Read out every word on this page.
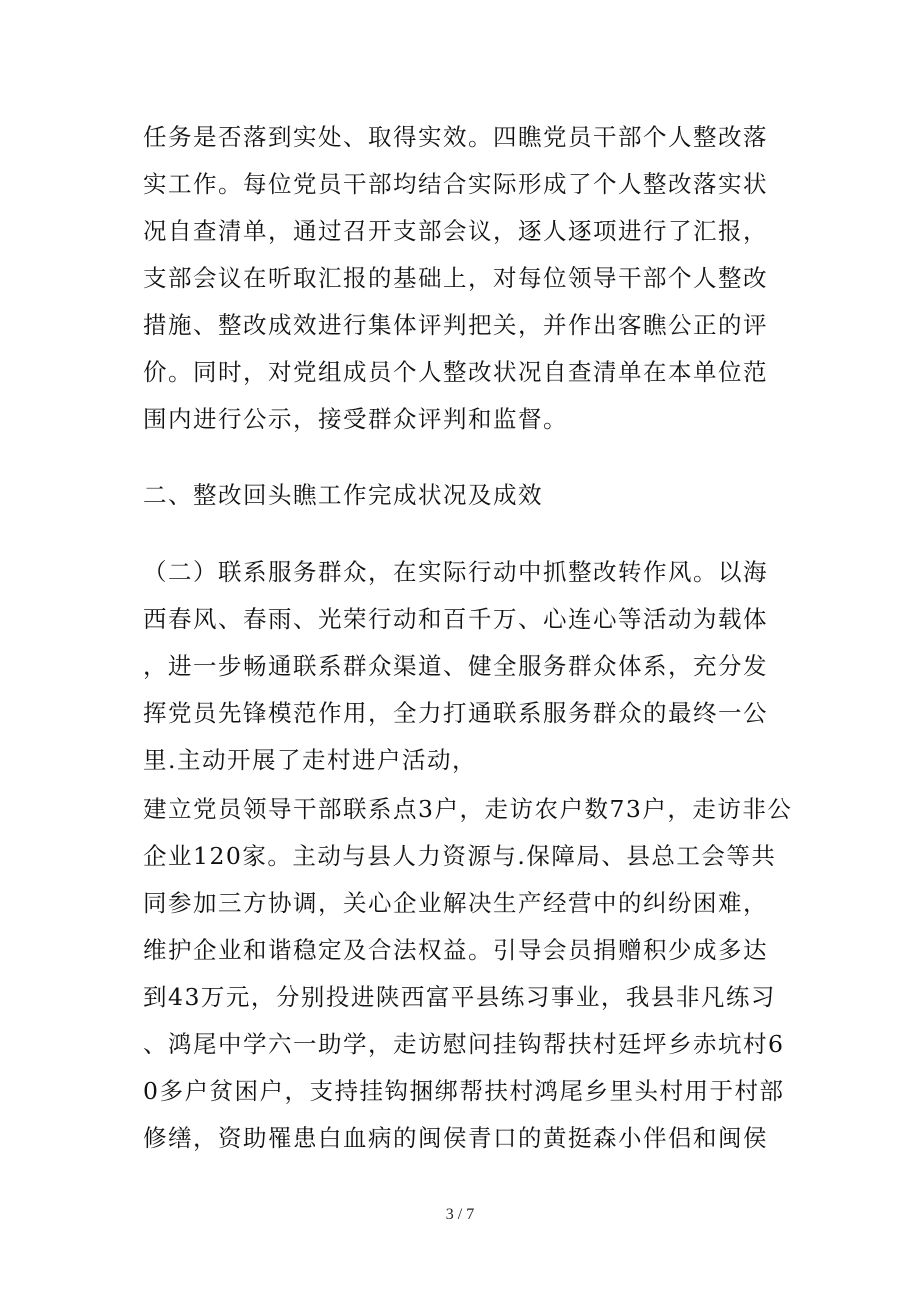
任务是否落到实处、取得实效。四瞧党员干部个人整改落
实工作。每位党员干部均结合实际形成了个人整改落实状
况自查清单，通过召开支部会议，逐人逐项进行了汇报，
支部会议在听取汇报的基础上，对每位领导干部个人整改
措施、整改成效进行集体评判把关，并作出客瞧公正的评
价。同时，对党组成员个人整改状况自查清单在本单位范
围内进行公示，接受群众评判和监督。
二、整改回头瞧工作完成状况及成效
（二）联系服务群众，在实际行动中抓整改转作风。以海
西春风、春雨、光荣行动和百千万、心连心等活动为载体
，进一步畅通联系群众渠道、健全服务群众体系，充分发
挥党员先锋模范作用，全力打通联系服务群众的最终一公
里.主动开展了走村进户活动，
建立党员领导干部联系点3户，走访农户数73户，走访非公
企业120家。主动与县人力资源与.保障局、县总工会等共
同参加三方协调，关心企业解决生产经营中的纠纷困难，
维护企业和谐稳定及合法权益。引导会员捐赠积少成多达
到43万元，分别投进陕西富平县练习事业，我县非凡练习
、鸿尾中学六一助学，走访慰问挂钩帮扶村廷坪乡赤坑村6
0多户贫困户，支持挂钩捆绑帮扶村鸿尾乡里头村用于村部
修缮，资助罹患白血病的闽侯青口的黄挺森小伴侣和闽侯
3 / 7
